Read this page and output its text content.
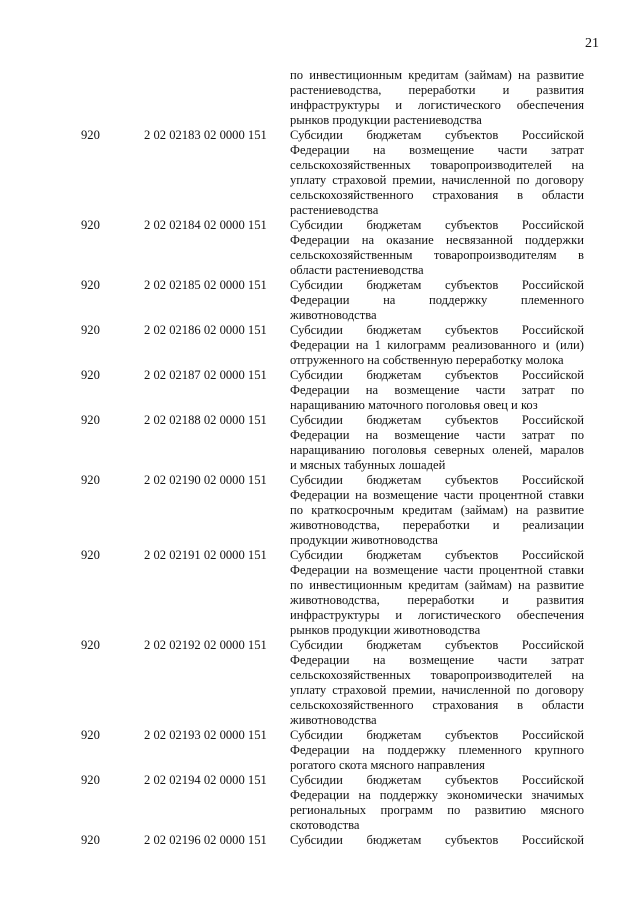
21
по инвестиционным кредитам (займам) на развитие
растениеводства, переработки и развития
инфраструктуры и логистического обеспечения
рынков продукции растениеводства
920	2 02 02183 02 0000 151	Субсидии бюджетам субъектов Российской
Федерации на возмещение части затрат
сельскохозяйственных товаропроизводителей на
уплату страховой премии, начисленной по договору
сельскохозяйственного страхования в области
растениеводства
920	2 02 02184 02 0000 151	Субсидии бюджетам субъектов Российской
Федерации на оказание несвязанной поддержки
сельскохозяйственным товаропроизводителям в
области растениеводства
920	2 02 02185 02 0000 151	Субсидии бюджетам субъектов Российской
Федерации на поддержку племенного
животноводства
920	2 02 02186 02 0000 151	Субсидии бюджетам субъектов Российской
Федерации на 1 килограмм реализованного и (или)
отгруженного на собственную переработку молока
920	2 02 02187 02 0000 151	Субсидии бюджетам субъектов Российской
Федерации на возмещение части затрат по
наращиванию маточного поголовья овец и коз
920	2 02 02188 02 0000 151	Субсидии бюджетам субъектов Российской
Федерации на возмещение части затрат по
наращиванию поголовья северных оленей, маралов
и мясных табунных лошадей
920	2 02 02190 02 0000 151	Субсидии бюджетам субъектов Российской
Федерации на возмещение части процентной ставки
по краткосрочным кредитам (займам) на развитие
животноводства, переработки и реализации
продукции животноводства
920	2 02 02191 02 0000 151	Субсидии бюджетам субъектов Российской
Федерации на возмещение части процентной ставки
по инвестиционным кредитам (займам) на развитие
животноводства, переработки и развития
инфраструктуры и логистического обеспечения
рынков продукции животноводства
920	2 02 02192 02 0000 151	Субсидии бюджетам субъектов Российской
Федерации на возмещение части затрат
сельскохозяйственных товаропроизводителей на
уплату страховой премии, начисленной по договору
сельскохозяйственного страхования в области
животноводства
920	2 02 02193 02 0000 151	Субсидии бюджетам субъектов Российской
Федерации на поддержку племенного крупного
рогатого скота мясного направления
920	2 02 02194 02 0000 151	Субсидии бюджетам субъектов Российской
Федерации на поддержку экономически значимых
региональных программ по развитию мясного
скотоводства
920	2 02 02196 02 0000 151	Субсидии бюджетам субъектов Российской
